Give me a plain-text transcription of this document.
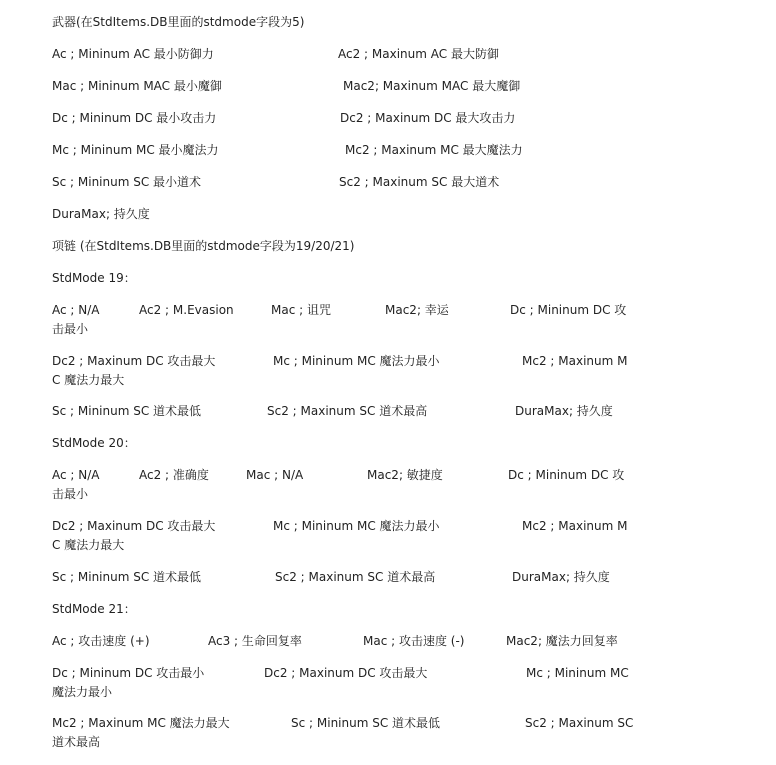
武器(在StdItems.DB里面的stdmode字段为5)
Ac ; Mininum AC 最小防御力	Ac2 ; Maxinum AC 最大防御
Mac ; Mininum MAC 最小魔御	Mac2; Maxinum MAC 最大魔御
Dc ; Mininum DC 最小攻击力	Dc2 ; Maxinum DC 最大攻击力
Mc ; Mininum MC 最小魔法力	Mc2 ; Maxinum MC 最大魔法力
Sc ; Mininum SC 最小道术	Sc2 ; Maxinum SC 最大道术
DuraMax; 持久度
项链 (在StdItems.DB里面的stdmode字段为19/20/21)
StdMode 19：
Ac ; N/A	Ac2 ; M.Evasion	Mac ; 诅咒	Mac2; 幸运	Dc ; Mininum DC 攻
击最小
Dc2 ; Maxinum DC 攻击最大	Mc ; Mininum MC 魔法力最小	Mc2 ; Maxinum M
C 魔法力最大
Sc ; Mininum SC 道术最低	Sc2 ; Maxinum SC 道术最高	DuraMax; 持久度
StdMode 20：
Ac ; N/A	Ac2 ; 准确度	Mac ; N/A	Mac2; 敏捷度	Dc ; Mininum DC 攻
击最小
Dc2 ; Maxinum DC 攻击最大	Mc ; Mininum MC 魔法力最小	Mc2 ; Maxinum M
C 魔法力最大
Sc ; Mininum SC 道术最低	Sc2 ; Maxinum SC 道术最高	DuraMax; 持久度
StdMode 21：
Ac ; 攻击速度 (+)	Ac3 ; 生命回复率	Mac ; 攻击速度 (-)	Mac2; 魔法力回复率
Dc ; Mininum DC 攻击最小	Dc2 ; Maxinum DC 攻击最大	Mc ; Mininum MC
魔法力最小
Mc2 ; Maxinum MC 魔法力最大	Sc ; Mininum SC 道术最低	Sc2 ; Maxinum SC
道术最高
